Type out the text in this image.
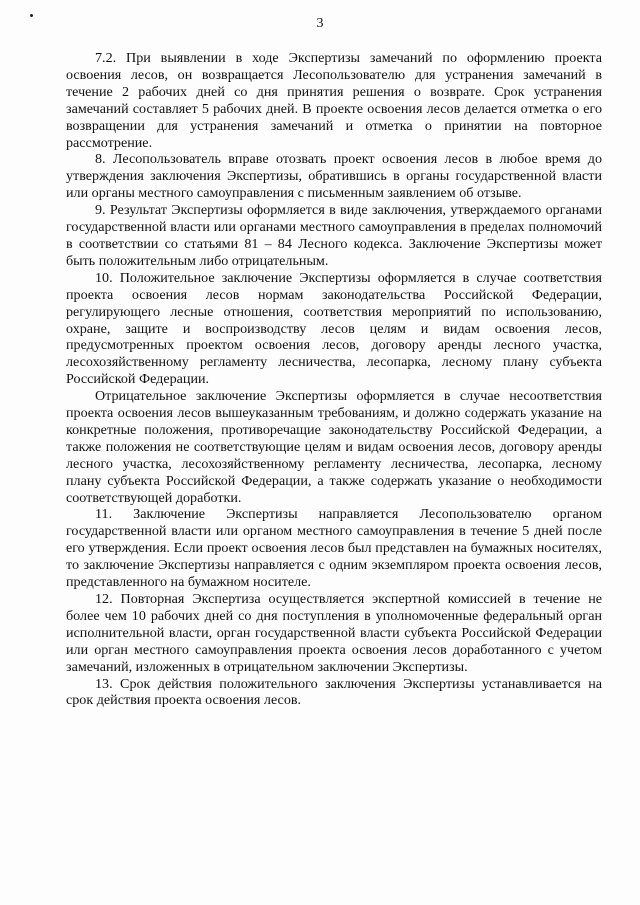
3

7.2. При выявлении в ходе Экспертизы замечаний по оформлению проекта освоения лесов, он возвращается Лесопользователю для устранения замечаний в течение 2 рабочих дней со дня принятия решения о возврате. Срок устранения замечаний составляет 5 рабочих дней. В проекте освоения лесов делается отметка о его возвращении для устранения замечаний и отметка о принятии на повторное рассмотрение.

8. Лесопользователь вправе отозвать проект освоения лесов в любое время до утверждения заключения Экспертизы, обратившись в органы государственной власти или органы местного самоуправления с письменным заявлением об отзыве.

9. Результат Экспертизы оформляется в виде заключения, утверждаемого органами государственной власти или органами местного самоуправления в пределах полномочий в соответствии со статьями 81 – 84 Лесного кодекса. Заключение Экспертизы может быть положительным либо отрицательным.

10. Положительное заключение Экспертизы оформляется в случае соответствия проекта освоения лесов нормам законодательства Российской Федерации, регулирующего лесные отношения, соответствия мероприятий по использованию, охране, защите и воспроизводству лесов целям и видам освоения лесов, предусмотренных проектом освоения лесов, договору аренды лесного участка, лесохозяйственному регламенту лесничества, лесопарка, лесному плану субъекта Российской Федерации.

Отрицательное заключение Экспертизы оформляется в случае несоответствия проекта освоения лесов вышеуказанным требованиям, и должно содержать указание на конкретные положения, противоречащие законодательству Российской Федерации, а также положения не соответствующие целям и видам освоения лесов, договору аренды лесного участка, лесохозяйственному регламенту лесничества, лесопарка, лесному плану субъекта Российской Федерации, а также содержать указание о необходимости соответствующей доработки.

11. Заключение Экспертизы направляется Лесопользователю органом государственной власти или органом местного самоуправления в течение 5 дней после его утверждения. Если проект освоения лесов был представлен на бумажных носителях, то заключение Экспертизы направляется с одним экземпляром проекта освоения лесов, представленного на бумажном носителе.

12. Повторная Экспертиза осуществляется экспертной комиссией в течение не более чем 10 рабочих дней со дня поступления в уполномоченные федеральный орган исполнительной власти, орган государственной власти субъекта Российской Федерации или орган местного самоуправления проекта освоения лесов доработанного с учетом замечаний, изложенных в отрицательном заключении Экспертизы.

13. Срок действия положительного заключения Экспертизы устанавливается на срок действия проекта освоения лесов.
